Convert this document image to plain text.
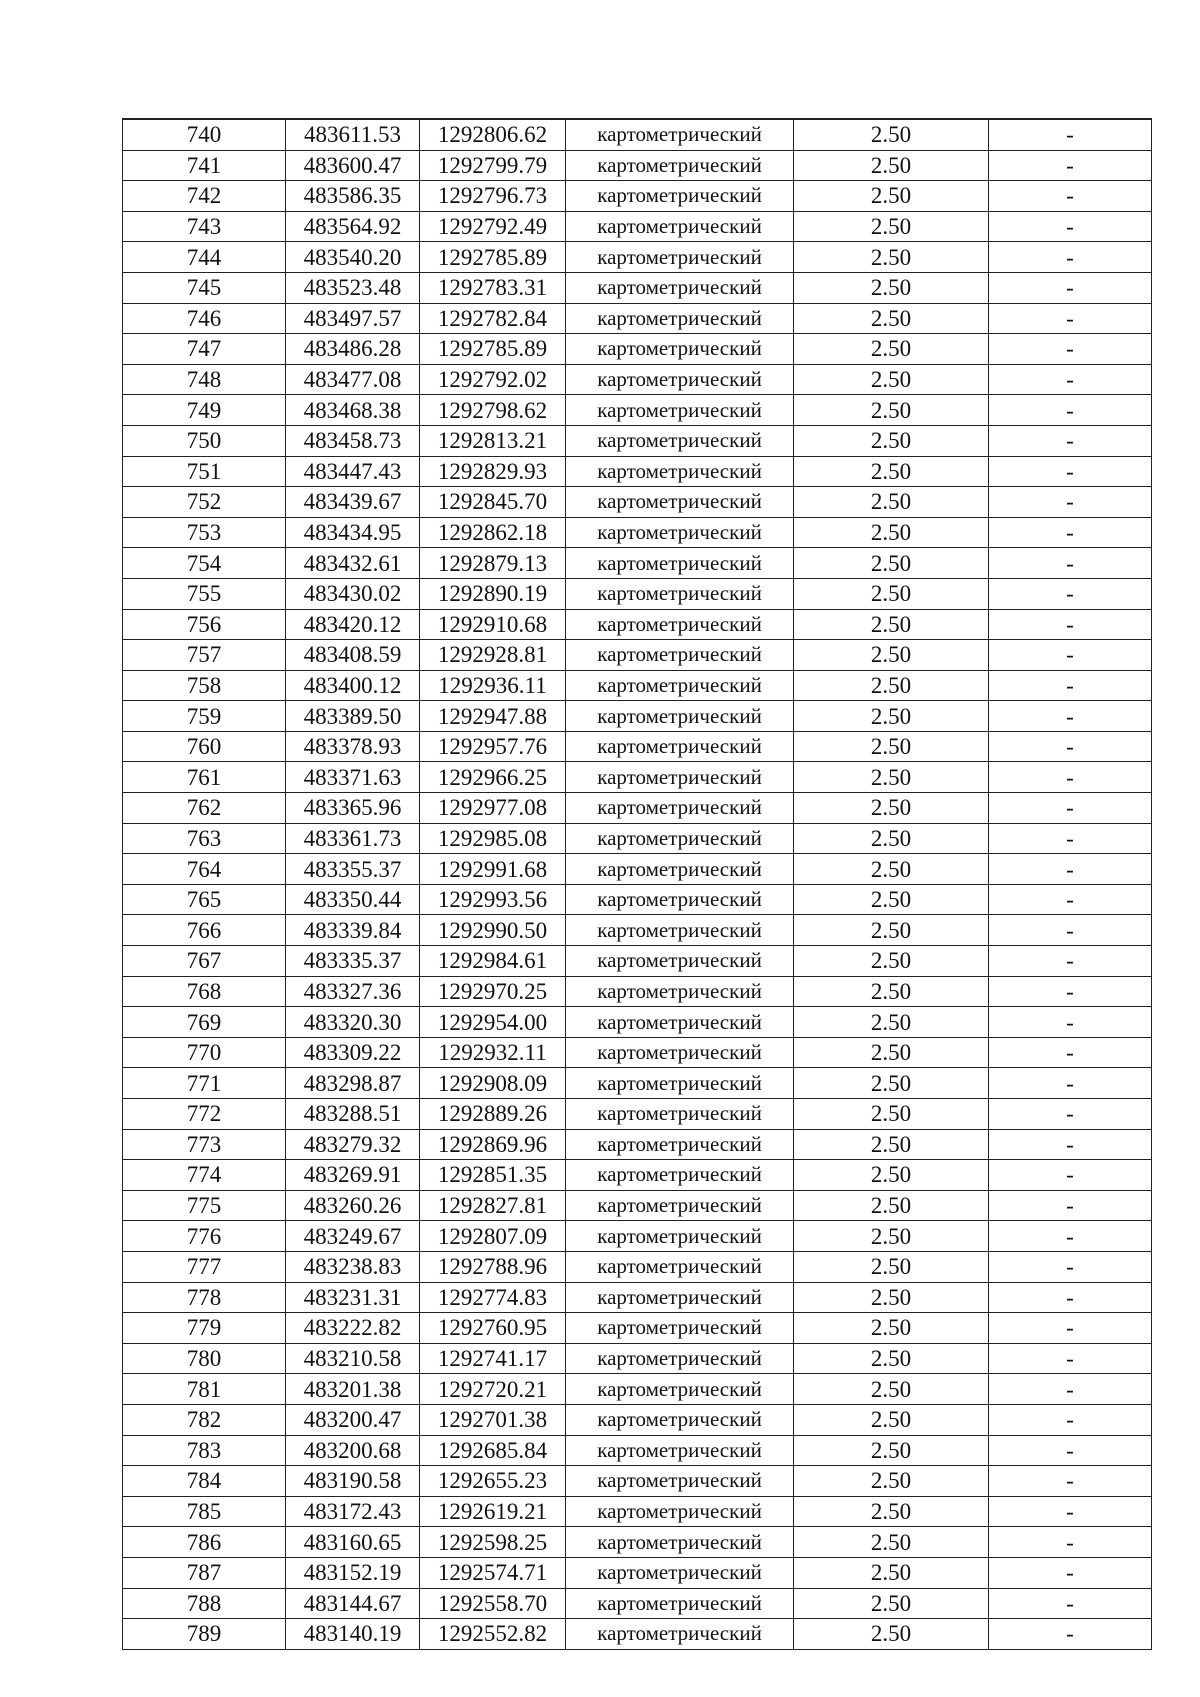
740	483611.53	1292806.62	картометрический	2.50	-
741	483600.47	1292799.79	картометрический	2.50	-
742	483586.35	1292796.73	картометрический	2.50	-
743	483564.92	1292792.49	картометрический	2.50	-
744	483540.20	1292785.89	картометрический	2.50	-
745	483523.48	1292783.31	картометрический	2.50	-
746	483497.57	1292782.84	картометрический	2.50	-
747	483486.28	1292785.89	картометрический	2.50	-
748	483477.08	1292792.02	картометрический	2.50	-
749	483468.38	1292798.62	картометрический	2.50	-
750	483458.73	1292813.21	картометрический	2.50	-
751	483447.43	1292829.93	картометрический	2.50	-
752	483439.67	1292845.70	картометрический	2.50	-
753	483434.95	1292862.18	картометрический	2.50	-
754	483432.61	1292879.13	картометрический	2.50	-
755	483430.02	1292890.19	картометрический	2.50	-
756	483420.12	1292910.68	картометрический	2.50	-
757	483408.59	1292928.81	картометрический	2.50	-
758	483400.12	1292936.11	картометрический	2.50	-
759	483389.50	1292947.88	картометрический	2.50	-
760	483378.93	1292957.76	картометрический	2.50	-
761	483371.63	1292966.25	картометрический	2.50	-
762	483365.96	1292977.08	картометрический	2.50	-
763	483361.73	1292985.08	картометрический	2.50	-
764	483355.37	1292991.68	картометрический	2.50	-
765	483350.44	1292993.56	картометрический	2.50	-
766	483339.84	1292990.50	картометрический	2.50	-
767	483335.37	1292984.61	картометрический	2.50	-
768	483327.36	1292970.25	картометрический	2.50	-
769	483320.30	1292954.00	картометрический	2.50	-
770	483309.22	1292932.11	картометрический	2.50	-
771	483298.87	1292908.09	картометрический	2.50	-
772	483288.51	1292889.26	картометрический	2.50	-
773	483279.32	1292869.96	картометрический	2.50	-
774	483269.91	1292851.35	картометрический	2.50	-
775	483260.26	1292827.81	картометрический	2.50	-
776	483249.67	1292807.09	картометрический	2.50	-
777	483238.83	1292788.96	картометрический	2.50	-
778	483231.31	1292774.83	картометрический	2.50	-
779	483222.82	1292760.95	картометрический	2.50	-
780	483210.58	1292741.17	картометрический	2.50	-
781	483201.38	1292720.21	картометрический	2.50	-
782	483200.47	1292701.38	картометрический	2.50	-
783	483200.68	1292685.84	картометрический	2.50	-
784	483190.58	1292655.23	картометрический	2.50	-
785	483172.43	1292619.21	картометрический	2.50	-
786	483160.65	1292598.25	картометрический	2.50	-
787	483152.19	1292574.71	картометрический	2.50	-
788	483144.67	1292558.70	картометрический	2.50	-
789	483140.19	1292552.82	картометрический	2.50	-
